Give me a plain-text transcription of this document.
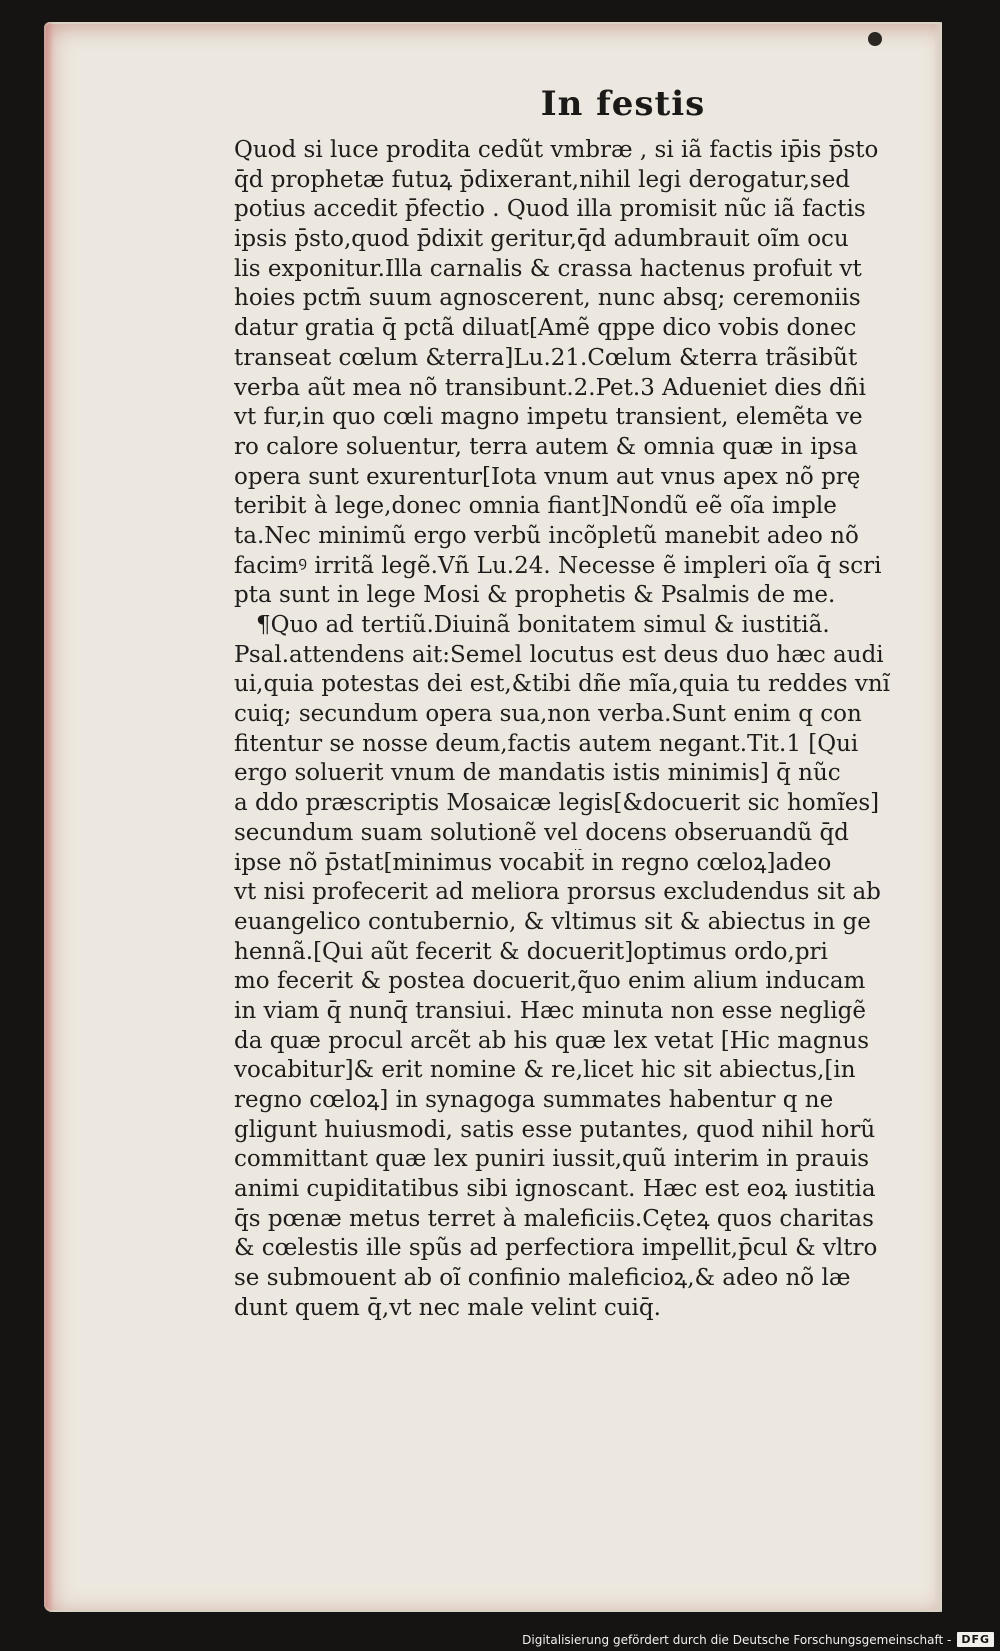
In festis
Quod si luce prodita cedũt vmbræ , si iã factis ip̄is p̄sto
q̄d prophetæ futuꝝ p̄dixerant,nihil legi derogatur,sed
potius accedit p̄fectio . Quod illa promisit nũc iã factis
ipsis p̄sto,quod p̄dixit geritur,q̄d adumbrauit oĩm ocu
lis exponitur.Illa carnalis & crassa hactenus profuit vt
hoies pctm̄ suum agnoscerent, nunc absq; ceremoniis
datur gratia q̄ pctã diluat[Amẽ qppe dico vobis donec
transeat cœlum &terra]Lu.21.Cœlum &terra trãsibũt
verba aũt mea nõ transibunt.2.Pet.3 Adueniet dies dñi
vt fur,in quo cœli magno impetu transient, elemẽta ve
ro calore soluentur, terra autem & omnia quæ in ipsa
opera sunt exurentur[Iota vnum aut vnus apex nõ prę
teribit à lege,donec omnia fiant]Nondũ eẽ oĩa imple
ta.Nec minimũ ergo verbũ incõpletũ manebit adeo nõ
facimꝰ irritã legẽ.Vñ Lu.24. Necesse ẽ impleri oĩa q̄ scri
pta sunt in lege Mosi & prophetis & Psalmis de me.
¶Quo ad tertiũ.Diuinã bonitatem simul & iustitiã.
Psal.attendens ait:Semel locutus est deus duo hæc audi
ui,quia potestas dei est,&tibi dñe mĩa,quia tu reddes vnĩ
cuiq; secundum opera sua,non verba.Sunt enim q con
fitentur se nosse deum,factis autem negant.Tit.1 [Qui
ergo soluerit vnum de mandatis istis minimis] q̄ nũc
a ddo præscriptis Mosaicæ legis[&docuerit sic homĩes]
secundum suam solutionẽ vel docens obseruandũ q̄d
ipse nõ p̄stat[minimus vocabit̃ in regno cœloꝝ]adeo
vt nisi profecerit ad meliora prorsus excludendus sit ab
euangelico contubernio, & vltimus sit & abiectus in ge
hennã.[Qui aũt fecerit & docuerit]optimus ordo,pri
mo fecerit & postea docuerit,q̃uo enim alium inducam
in viam q̄ nunq̄ transiui. Hæc minuta non esse negligẽ
da quæ procul arcẽt ab his quæ lex vetat [Hic magnus
vocabitur]& erit nomine & re,licet hic sit abiectus,[in
regno cœloꝝ] in synagoga summates habentur q ne
gligunt huiusmodi, satis esse putantes, quod nihil horũ
committant quæ lex puniri iussit,quũ interim in prauis
animi cupiditatibus sibi ignoscant. Hæc est eoꝝ iustitia
q̄s pœnæ metus terret à maleficiis.Cęteꝝ quos charitas
& cœlestis ille spũs ad perfectiora impellit,p̄cul & vltro
se submouent ab oĩ confinio maleficioꝝ,& adeo nõ læ
dunt quem q̄,vt nec male velint cuiq̄.
Digitalisierung gefördert durch die Deutsche Forschungsgemeinschaft - DFG
